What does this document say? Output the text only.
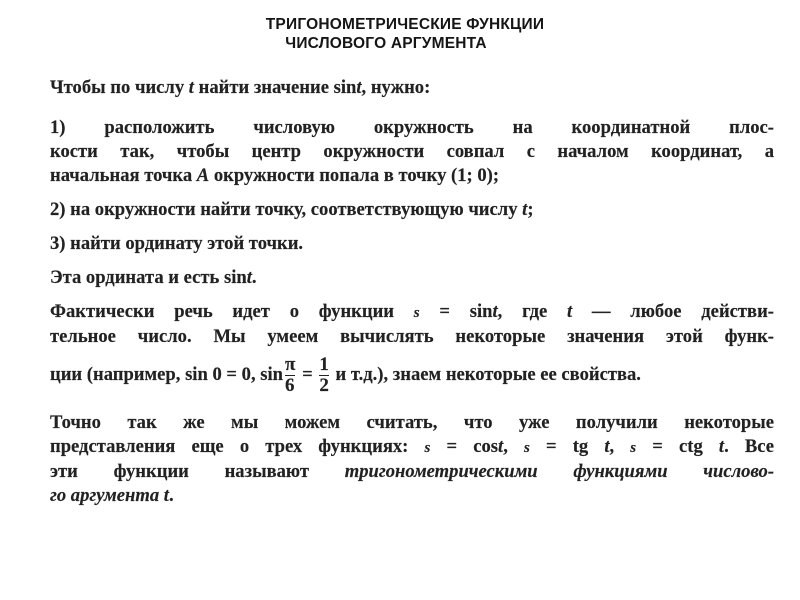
ТРИГОНОМЕТРИЧЕСКИЕ ФУНКЦИИ
ЧИСЛОВОГО АРГУМЕНТА
Чтобы по числу t найти значение sint, нужно:
1) расположить числовую окружность на координатной плос-
кости так, чтобы центр окружности совпал с началом координат, а
начальная точка A окружности попала в точку (1; 0);
2) на окружности найти точку, соответствующую числу t;
3) найти ординату этой точки.
Эта ордината и есть sint.
Фактически речь идет о функции s = sint, где t — любое действи-
тельное число. Мы умеем вычислять некоторые значения этой функ-
ции (например, sin 0 = 0, $\sin \frac{\pi}{6} = \frac{1}{2}$ и т.д.), знаем некоторые ее свойства.
Точно так же мы можем считать, что уже получили некоторые
представления еще о трех функциях: s = cost, s = tg t, s = ctg t. Все
эти функции называют тригонометрическими функциями числово-
го аргумента t.
